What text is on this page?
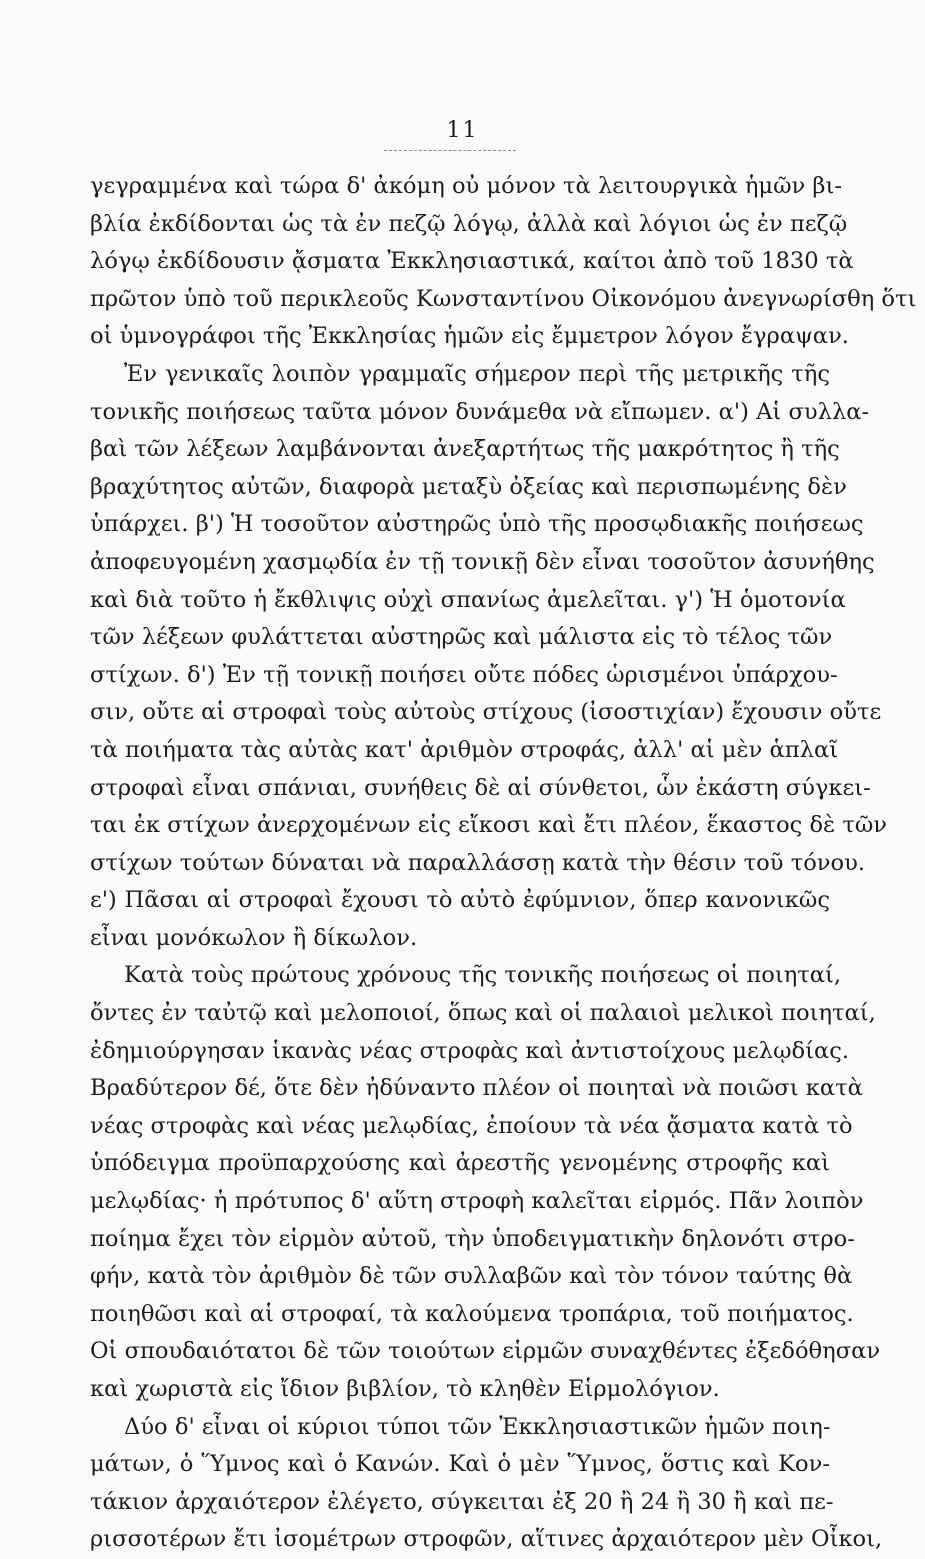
11
γεγραμμένα καὶ τώρα δ' ἀκόμη οὐ μόνον τὰ λειτουργικὰ ἡμῶν βι-
βλία ἐκδίδονται ὡς τὰ ἐν πεζῷ λόγῳ, ἀλλὰ καὶ λόγιοι ὡς ἐν πεζῷ
λόγῳ ἐκδίδουσιν ᾄσματα Ἐκκλησιαστικά, καίτοι ἀπὸ τοῦ 1830 τὰ
πρῶτον ὑπὸ τοῦ περικλεοῦς Κωνσταντίνου Οἰκονόμου ἀνεγνωρίσθη ὅτι
οἱ ὑμνογράφοι τῆς Ἐκκλησίας ἡμῶν εἰς ἔμμετρον λόγον ἔγραψαν.
Ἐν γενικαῖς λοιπὸν γραμμαῖς σήμερον περὶ τῆς μετρικῆς τῆς
τονικῆς ποιήσεως ταῦτα μόνον δυνάμεθα νὰ εἴπωμεν. α') Αἱ συλλα-
βαὶ τῶν λέξεων λαμβάνονται ἀνεξαρτήτως τῆς μακρότητος ἢ τῆς
βραχύτητος αὐτῶν, διαφορὰ μεταξὺ ὀξείας καὶ περισπωμένης δὲν
ὑπάρχει. β') Ἡ τοσοῦτον αὐστηρῶς ὑπὸ τῆς προσῳδιακῆς ποιήσεως
ἀποφευγομένη χασμῳδία ἐν τῇ τονικῇ δὲν εἶναι τοσοῦτον ἀσυνήθης
καὶ διὰ τοῦτο ἡ ἔκθλιψις οὐχὶ σπανίως ἀμελεῖται. γ') Ἡ ὁμοτονία
τῶν λέξεων φυλάττεται αὐστηρῶς καὶ μάλιστα εἰς τὸ τέλος τῶν
στίχων. δ') Ἐν τῇ τονικῇ ποιήσει οὔτε πόδες ὡρισμένοι ὑπάρχου-
σιν, οὔτε αἱ στροφαὶ τοὺς αὐτοὺς στίχους (ἰσοστιχίαν) ἔχουσιν οὔτε
τὰ ποιήματα τὰς αὐτὰς κατ' ἀριθμὸν στροφάς, ἀλλ' αἱ μὲν ἁπλαῖ
στροφαὶ εἶναι σπάνιαι, συνήθεις δὲ αἱ σύνθετοι, ὧν ἑκάστη σύγκει-
ται ἐκ στίχων ἀνερχομένων εἰς εἴκοσι καὶ ἔτι πλέον, ἕκαστος δὲ τῶν
στίχων τούτων δύναται νὰ παραλλάσσῃ κατὰ τὴν θέσιν τοῦ τόνου.
ε') Πᾶσαι αἱ στροφαὶ ἔχουσι τὸ αὐτὸ ἐφύμνιον, ὅπερ κανονικῶς
εἶναι μονόκωλον ἢ δίκωλον.
Κατὰ τοὺς πρώτους χρόνους τῆς τονικῆς ποιήσεως οἱ ποιηταί,
ὄντες ἐν ταὐτῷ καὶ μελοποιοί, ὅπως καὶ οἱ παλαιοὶ μελικοὶ ποιηταί,
ἐδημιούργησαν ἱκανὰς νέας στροφὰς καὶ ἀντιστοίχους μελῳδίας.
Βραδύτερον δέ, ὅτε δὲν ἠδύναντο πλέον οἱ ποιηταὶ νὰ ποιῶσι κατὰ
νέας στροφὰς καὶ νέας μελῳδίας, ἐποίουν τὰ νέα ᾄσματα κατὰ τὸ
ὑπόδειγμα προϋπαρχούσης καὶ ἀρεστῆς γενομένης στροφῆς καὶ
μελῳδίας· ἡ πρότυπος δ' αὕτη στροφὴ καλεῖται εἱρμός. Πᾶν λοιπὸν
ποίημα ἔχει τὸν εἱρμὸν αὐτοῦ, τὴν ὑποδειγματικὴν δηλονότι στρο-
φήν, κατὰ τὸν ἀριθμὸν δὲ τῶν συλλαβῶν καὶ τὸν τόνον ταύτης θὰ
ποιηθῶσι καὶ αἱ στροφαί, τὰ καλούμενα τροπάρια, τοῦ ποιήματος.
Οἱ σπουδαιότατοι δὲ τῶν τοιούτων εἱρμῶν συναχθέντες ἐξεδόθησαν
καὶ χωριστὰ εἰς ἴδιον βιβλίον, τὸ κληθὲν Εἱρμολόγιον.
Δύο δ' εἶναι οἱ κύριοι τύποι τῶν Ἐκκλησιαστικῶν ἡμῶν ποιη-
μάτων, ὁ Ὕμνος καὶ ὁ Κανών. Καὶ ὁ μὲν Ὕμνος, ὅστις καὶ Κον-
τάκιον ἀρχαιότερον ἐλέγετο, σύγκειται ἐξ 20 ἢ 24 ἢ 30 ἢ καὶ πε-
ρισσοτέρων ἔτι ἰσομέτρων στροφῶν, αἵτινες ἀρχαιότερον μὲν Οἶκοι,
